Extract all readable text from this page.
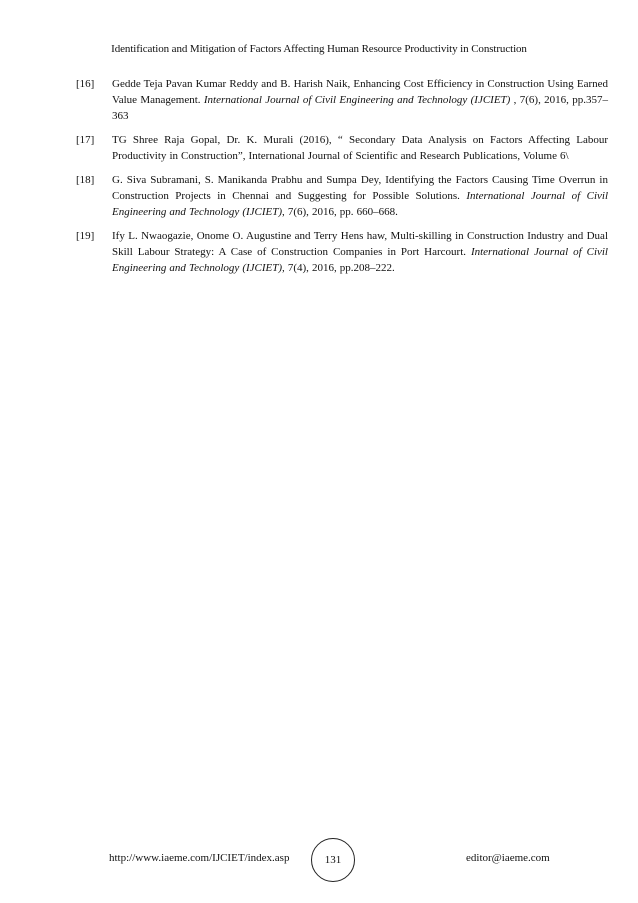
Identification and Mitigation of Factors Affecting Human Resource Productivity in Construction
[16]	Gedde Teja Pavan Kumar Reddy and B. Harish Naik, Enhancing Cost Efficiency in Construction Using Earned Value Management. International Journal of Civil Engineering and Technology (IJCIET) , 7(6), 2016, pp.357–363
[17]	TG Shree Raja Gopal, Dr. K. Murali (2016), “ Secondary Data Analysis on Factors Affecting Labour Productivity in Construction”, International Journal of Scientific and Research Publications, Volume 6\
[18]	G. Siva Subramani, S. Manikanda Prabhu and Sumpa Dey, Identifying the Factors Causing Time Overrun in Construction Projects in Chennai and Suggesting for Possible Solutions. International Journal of Civil Engineering and Technology (IJCIET), 7(6), 2016, pp. 660–668.
[19]	Ify L. Nwaogazie, Onome O. Augustine and Terry Hens haw, Multi-skilling in Construction Industry and Dual Skill Labour Strategy: A Case of Construction Companies in Port Harcourt. International Journal of Civil Engineering and Technology (IJCIET), 7(4), 2016, pp.208–222.
http://www.iaeme.com/IJCIET/index.asp	131	editor@iaeme.com
